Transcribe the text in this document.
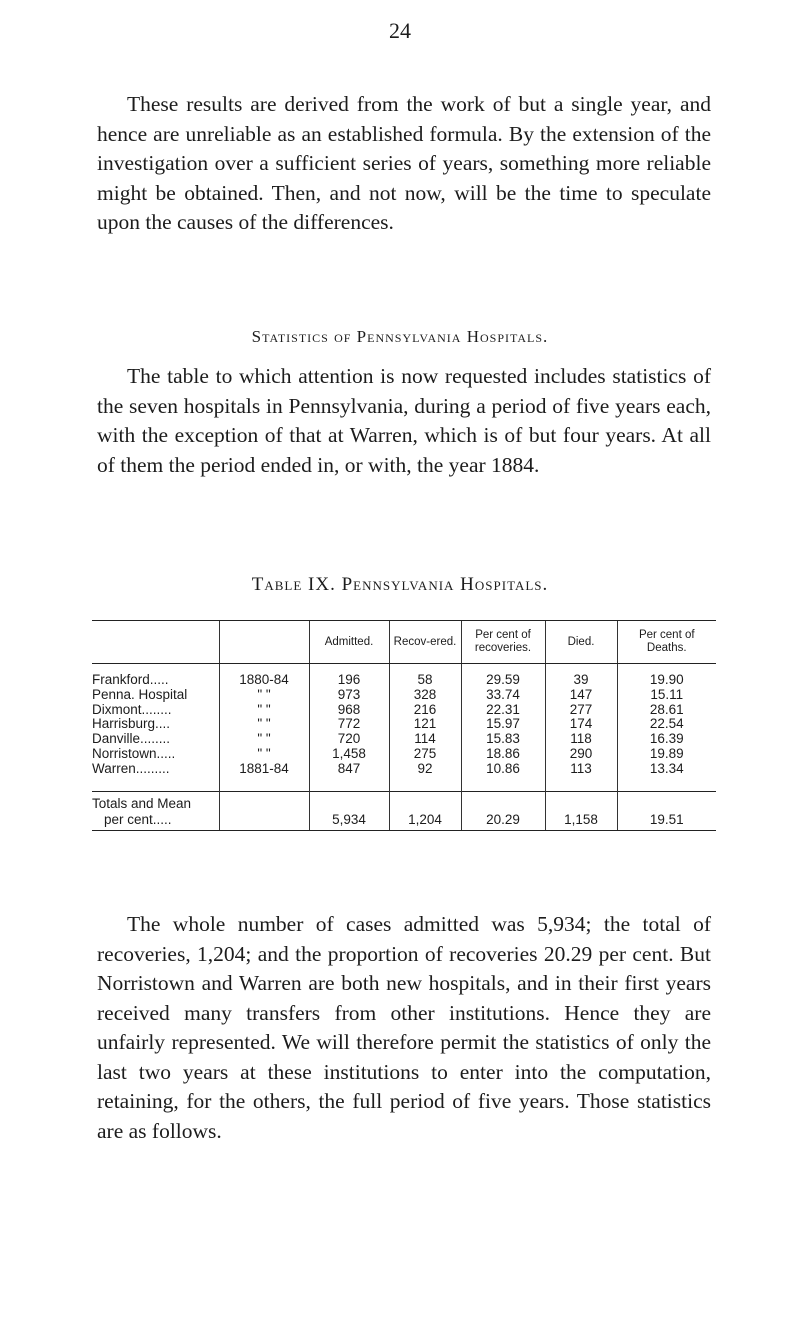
24

These results are derived from the work of but a single year, and hence are unreliable as an established formula. By the extension of the investigation over a sufficient series of years, something more reliable might be obtained. Then, and not now, will be the time to speculate upon the causes of the differences.

Statistics of Pennsylvania Hospitals.

The table to which attention is now requested includes statistics of the seven hospitals in Pennsylvania, during a period of five years each, with the exception of that at Warren, which is of but four years. At all of them the period ended in, or with, the year 1884.

Table IX. Pennsylvania Hospitals.
		Admitted.	Recov-ered.	Per cent of recoveries.	Died.	Per cent of Deaths.
Frankford.....	1880-84	196	58	29.59	39	19.90
Penna. Hospital	" "	973	328	33.74	147	15.11
Dixmont........	" "	968	216	22.31	277	28.61
Harrisburg....	" "	772	121	15.97	174	22.54
Danville........	" "	720	114	15.83	118	16.39
Norristown.....	" "	1,458	275	18.86	290	19.89
Warren.........	1881-84	847	92	10.86	113	13.34
Totals and Mean
per cent.....		5,934	1,204	20.29	1,158	19.51

The whole number of cases admitted was 5,934; the total of recoveries, 1,204; and the proportion of recoveries 20.29 per cent. But Norristown and Warren are both new hospitals, and in their first years received many transfers from other institutions. Hence they are unfairly represented. We will therefore permit the statistics of only the last two years at these institutions to enter into the computation, retaining, for the others, the full period of five years. Those statistics are as follows.
